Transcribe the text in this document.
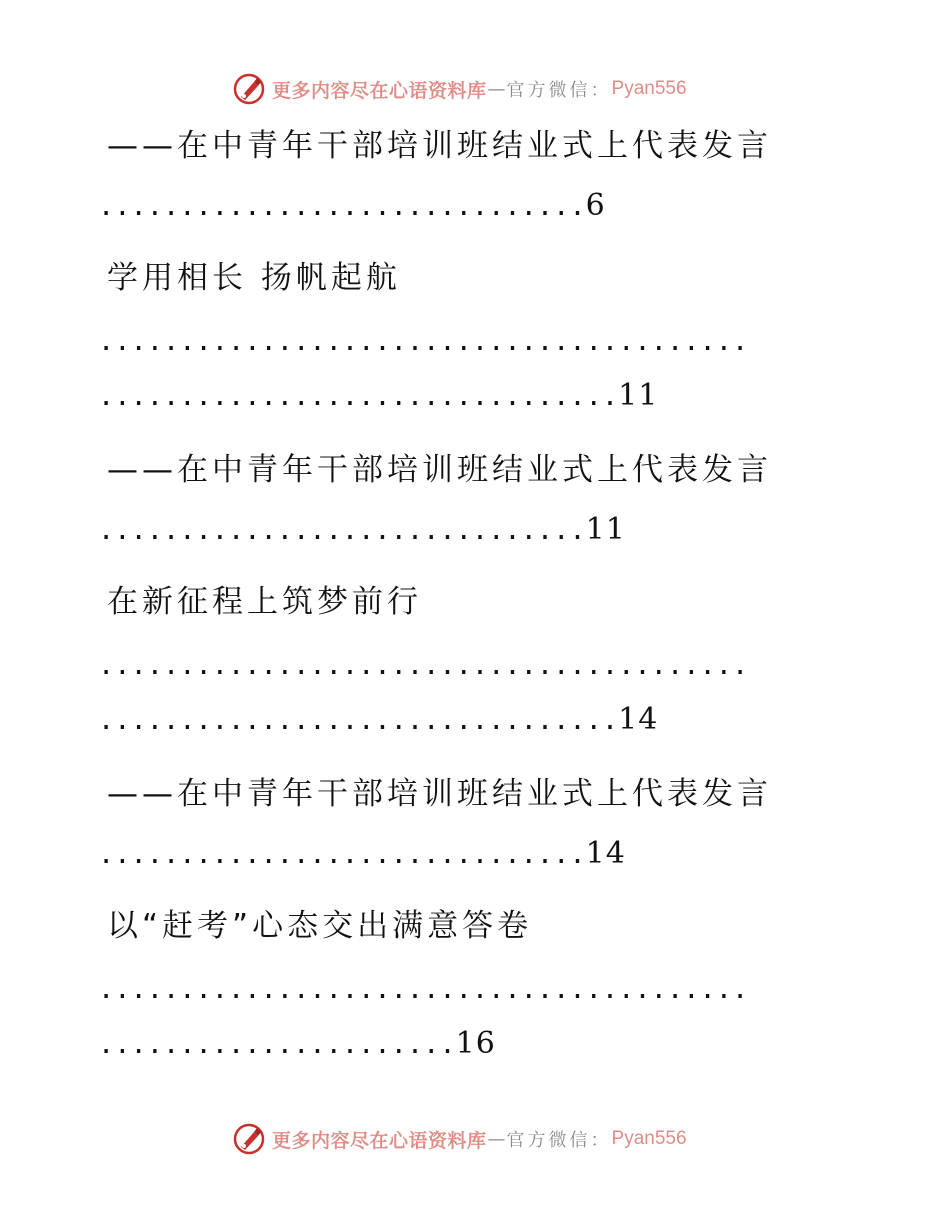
更多内容尽在心语资料库 — 官方微信： Pyan556
——在中青年干部培训班结业式上代表发言
..............................6
学用相长 扬帆起航
........................................
................................11
——在中青年干部培训班结业式上代表发言
..............................11
在新征程上筑梦前行
........................................
................................14
——在中青年干部培训班结业式上代表发言
..............................14
以“赶考”心态交出满意答卷
........................................
......................16
更多内容尽在心语资料库 — 官方微信： Pyan556
